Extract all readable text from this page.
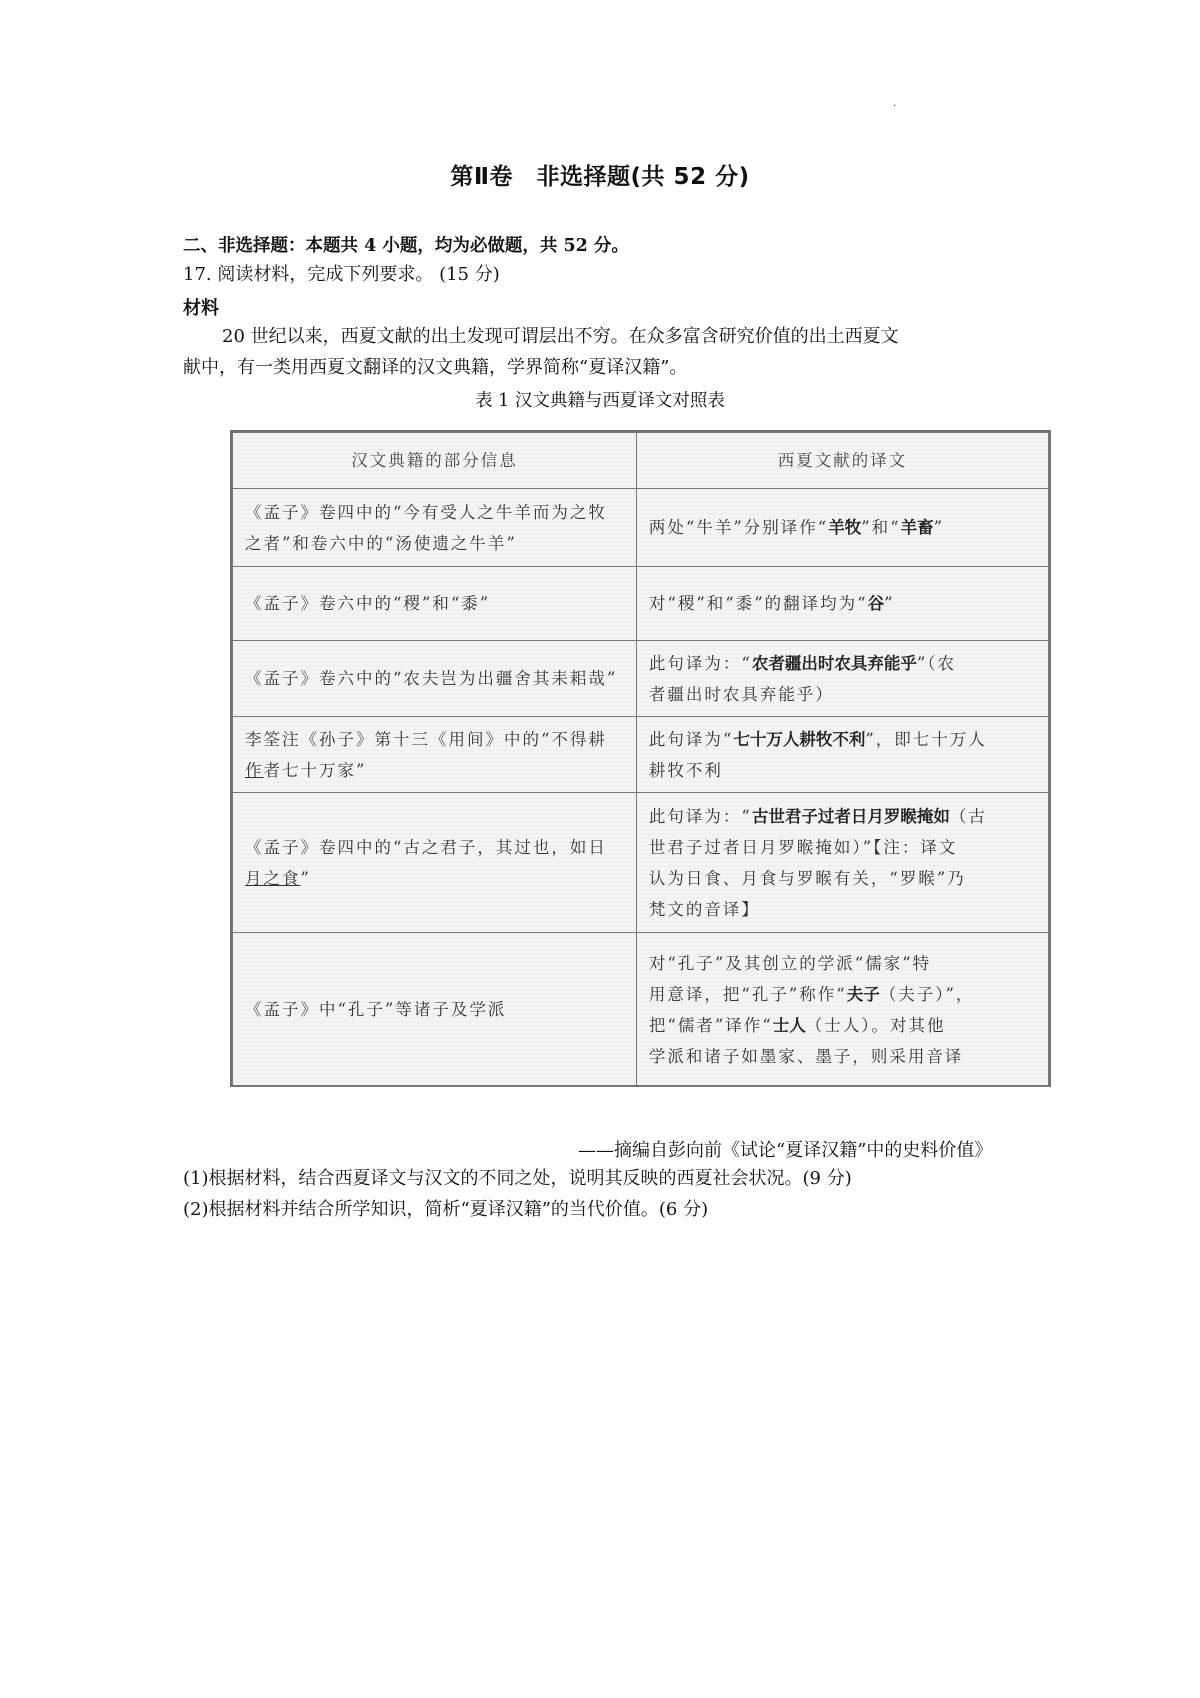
·
第Ⅱ卷　非选择题(共 52 分)
二、非选择题：本题共 4 小题，均为必做题，共 52 分。
17. 阅读材料，完成下列要求。 (15 分)
材料
20 世纪以来，西夏文献的出土发现可谓层出不穷。在众多富含研究价值的出土西夏文
献中，有一类用西夏文翻译的汉文典籍，学界简称“夏译汉籍”。
表 1 汉文典籍与西夏译文对照表
汉文典籍的部分信息	西夏文献的译文
《孟子》卷四中的“今有受人之牛羊而为之牧
之者”和卷六中的“汤使遗之牛羊”	两处“牛羊”分别译作“羊牧”和“羊畜”
《孟子》卷六中的“稷”和“黍”	对“稷”和“黍”的翻译均为“谷”
《孟子》卷六中的“农夫岂为出疆舍其耒耜哉”	此句译为：“农者疆出时农具弃能乎”（农
者疆出时农具弃能乎）
李筌注《孙子》第十三《用间》中的“不得耕
作者七十万家”	此句译为“七十万人耕牧不利”，即七十万人
耕牧不利
《孟子》卷四中的“古之君子，其过也，如日
月之食”	此句译为：“古世君子过者日月罗睺掩如（古
世君子过者日月罗睺掩如）”【注：译文
认为日食、月食与罗睺有关，“罗睺”乃
梵文的音译】
《孟子》中“孔子”等诸子及学派	对“孔子”及其创立的学派“儒家”特
用意译，把“孔子”称作“夫子（夫子）”，
把“儒者”译作“士人（士人）。对其他
学派和诸子如墨家、墨子，则采用音译
——摘编自彭向前《试论“夏译汉籍”中的史料价值》
(1)根据材料，结合西夏译文与汉文的不同之处，说明其反映的西夏社会状况。(9 分)
(2)根据材料并结合所学知识，简析“夏译汉籍”的当代价值。(6 分)
